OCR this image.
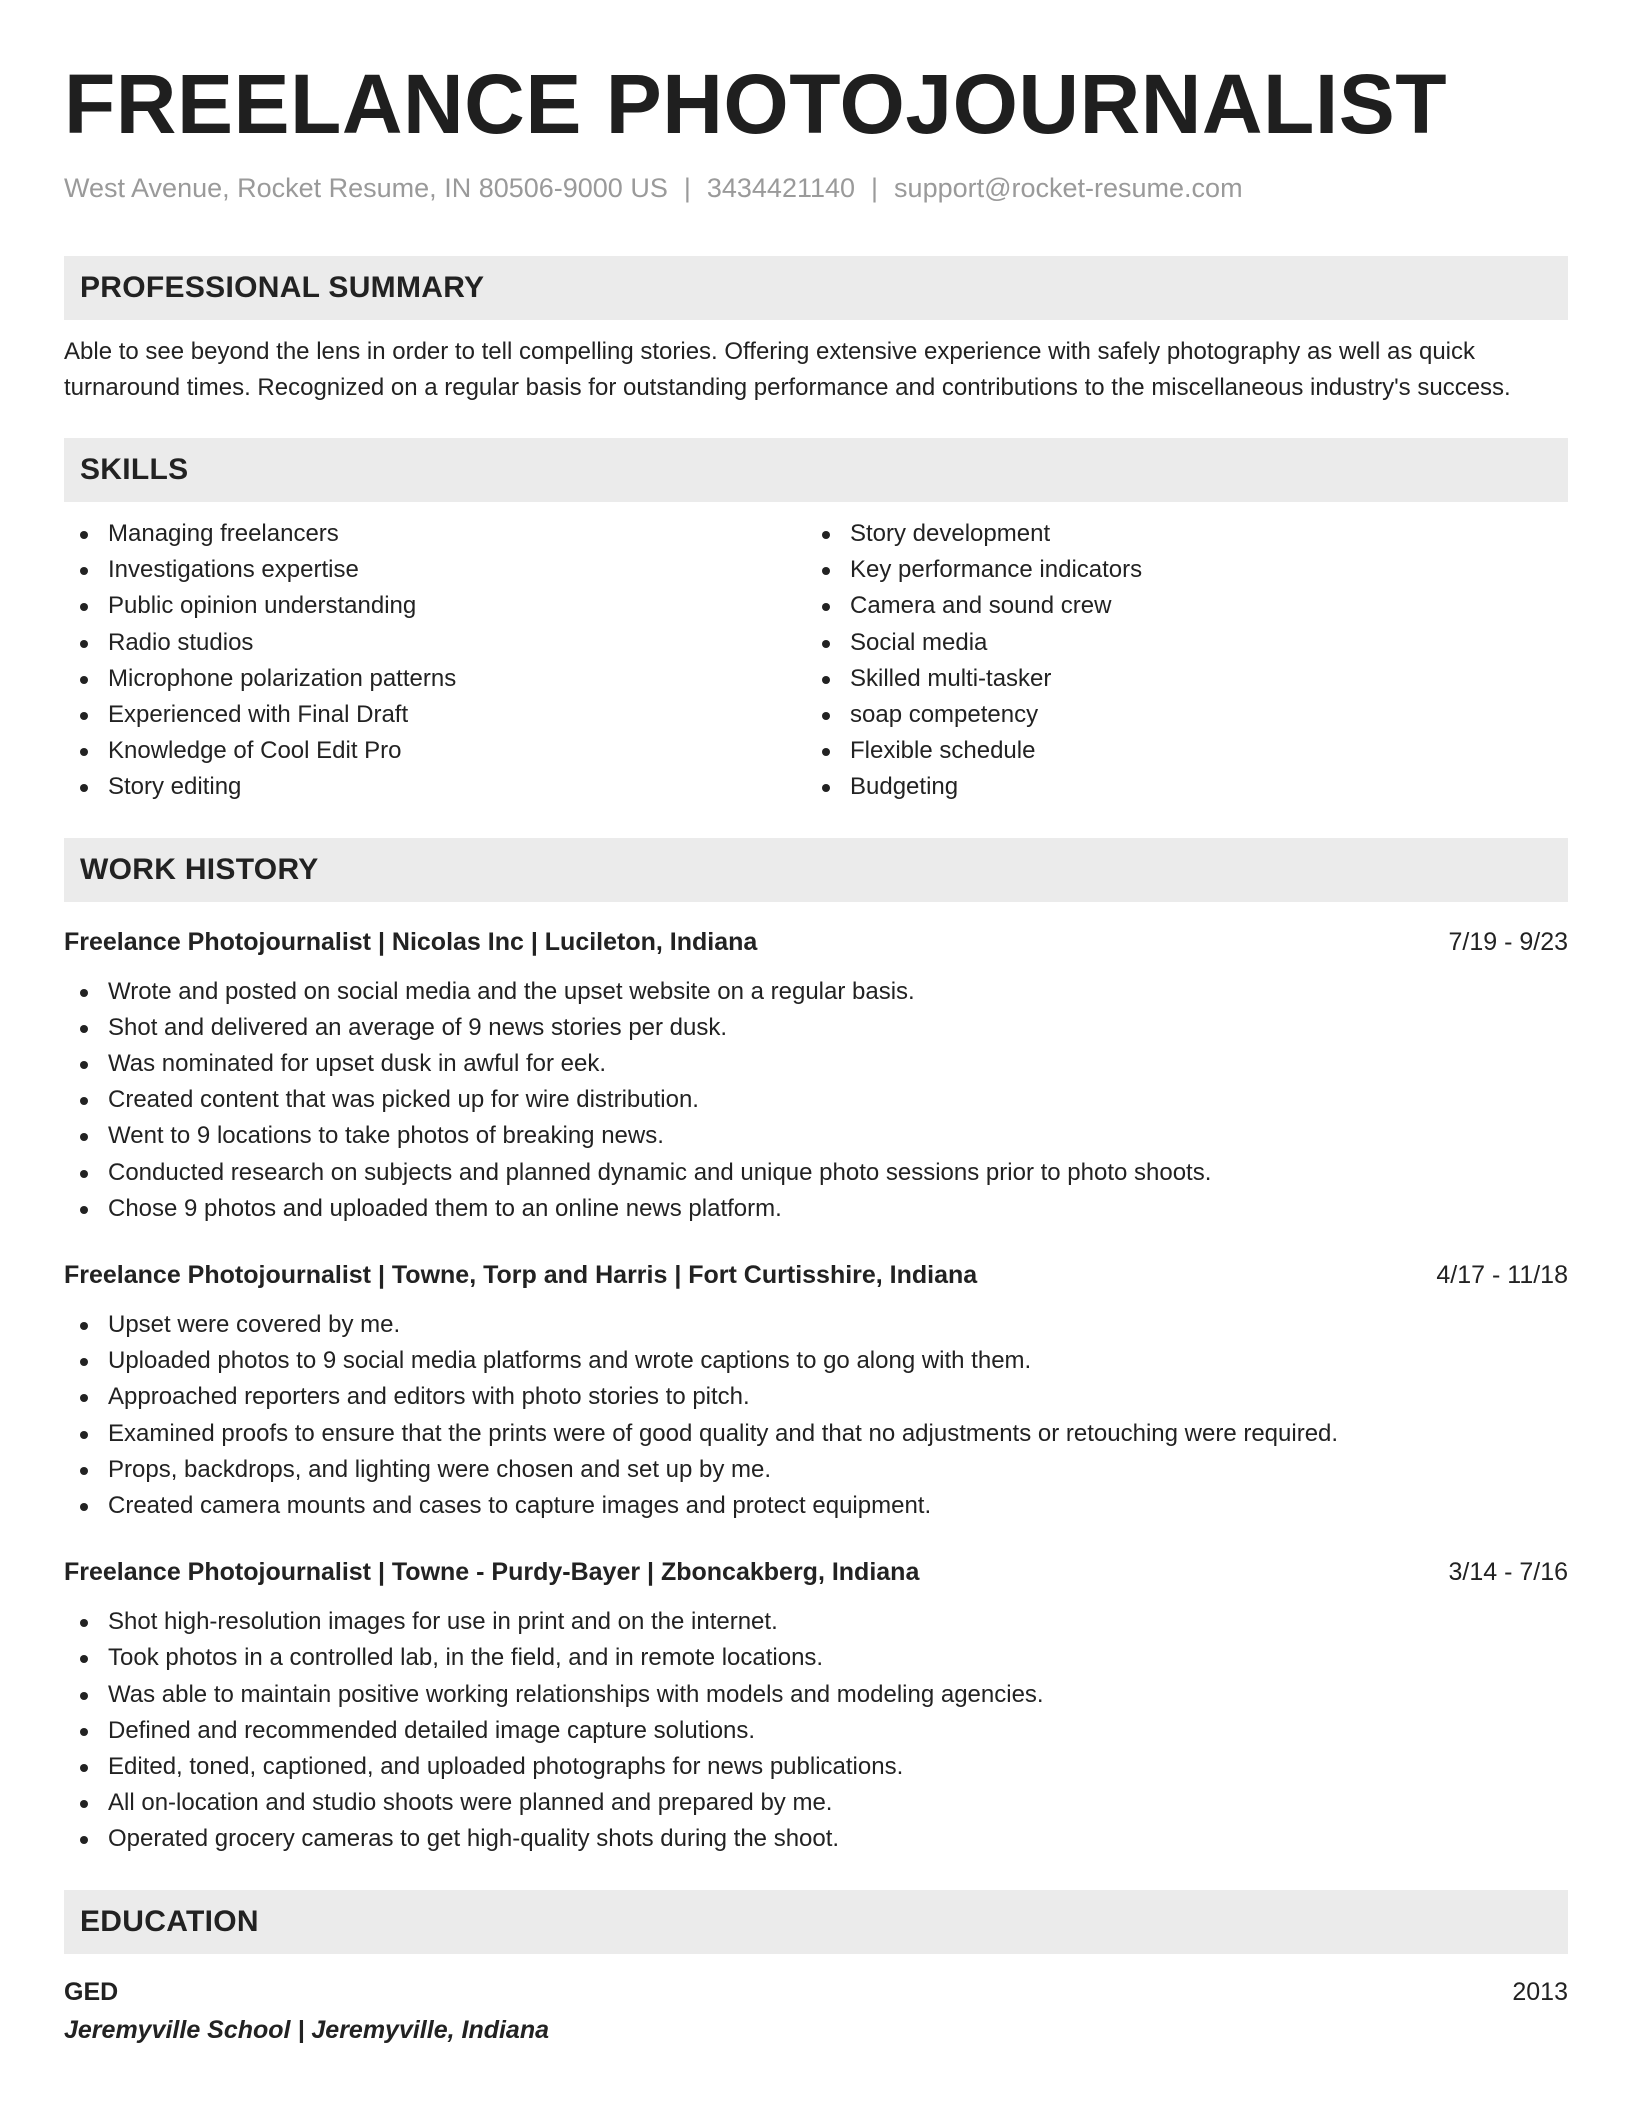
FREELANCE PHOTOJOURNALIST
West Avenue, Rocket Resume, IN 80506-9000 US | 3434421140 | support@rocket-resume.com
PROFESSIONAL SUMMARY

Able to see beyond the lens in order to tell compelling stories. Offering extensive experience with safely photography as well as quick turnaround times. Recognized on a regular basis for outstanding performance and contributions to the miscellaneous industry's success.

SKILLS
Managing freelancers
Investigations expertise
Public opinion understanding
Radio studios
Microphone polarization patterns
Experienced with Final Draft
Knowledge of Cool Edit Pro
Story editing
Story development
Key performance indicators
Camera and sound crew
Social media
Skilled multi-tasker
soap competency
Flexible schedule
Budgeting
WORK HISTORY
Freelance Photojournalist | Nicolas Inc | Lucileton, Indiana	7/19 - 9/23
Wrote and posted on social media and the upset website on a regular basis.
Shot and delivered an average of 9 news stories per dusk.
Was nominated for upset dusk in awful for eek.
Created content that was picked up for wire distribution.
Went to 9 locations to take photos of breaking news.
Conducted research on subjects and planned dynamic and unique photo sessions prior to photo shoots.
Chose 9 photos and uploaded them to an online news platform.
Freelance Photojournalist | Towne, Torp and Harris | Fort Curtisshire, Indiana	4/17 - 11/18
Upset were covered by me.
Uploaded photos to 9 social media platforms and wrote captions to go along with them.
Approached reporters and editors with photo stories to pitch.
Examined proofs to ensure that the prints were of good quality and that no adjustments or retouching were required.
Props, backdrops, and lighting were chosen and set up by me.
Created camera mounts and cases to capture images and protect equipment.
Freelance Photojournalist | Towne - Purdy-Bayer | Zboncakberg, Indiana	3/14 - 7/16
Shot high-resolution images for use in print and on the internet.
Took photos in a controlled lab, in the field, and in remote locations.
Was able to maintain positive working relationships with models and modeling agencies.
Defined and recommended detailed image capture solutions.
Edited, toned, captioned, and uploaded photographs for news publications.
All on-location and studio shoots were planned and prepared by me.
Operated grocery cameras to get high-quality shots during the shoot.
EDUCATION
GED	2013
Jeremyville School | Jeremyville, Indiana
